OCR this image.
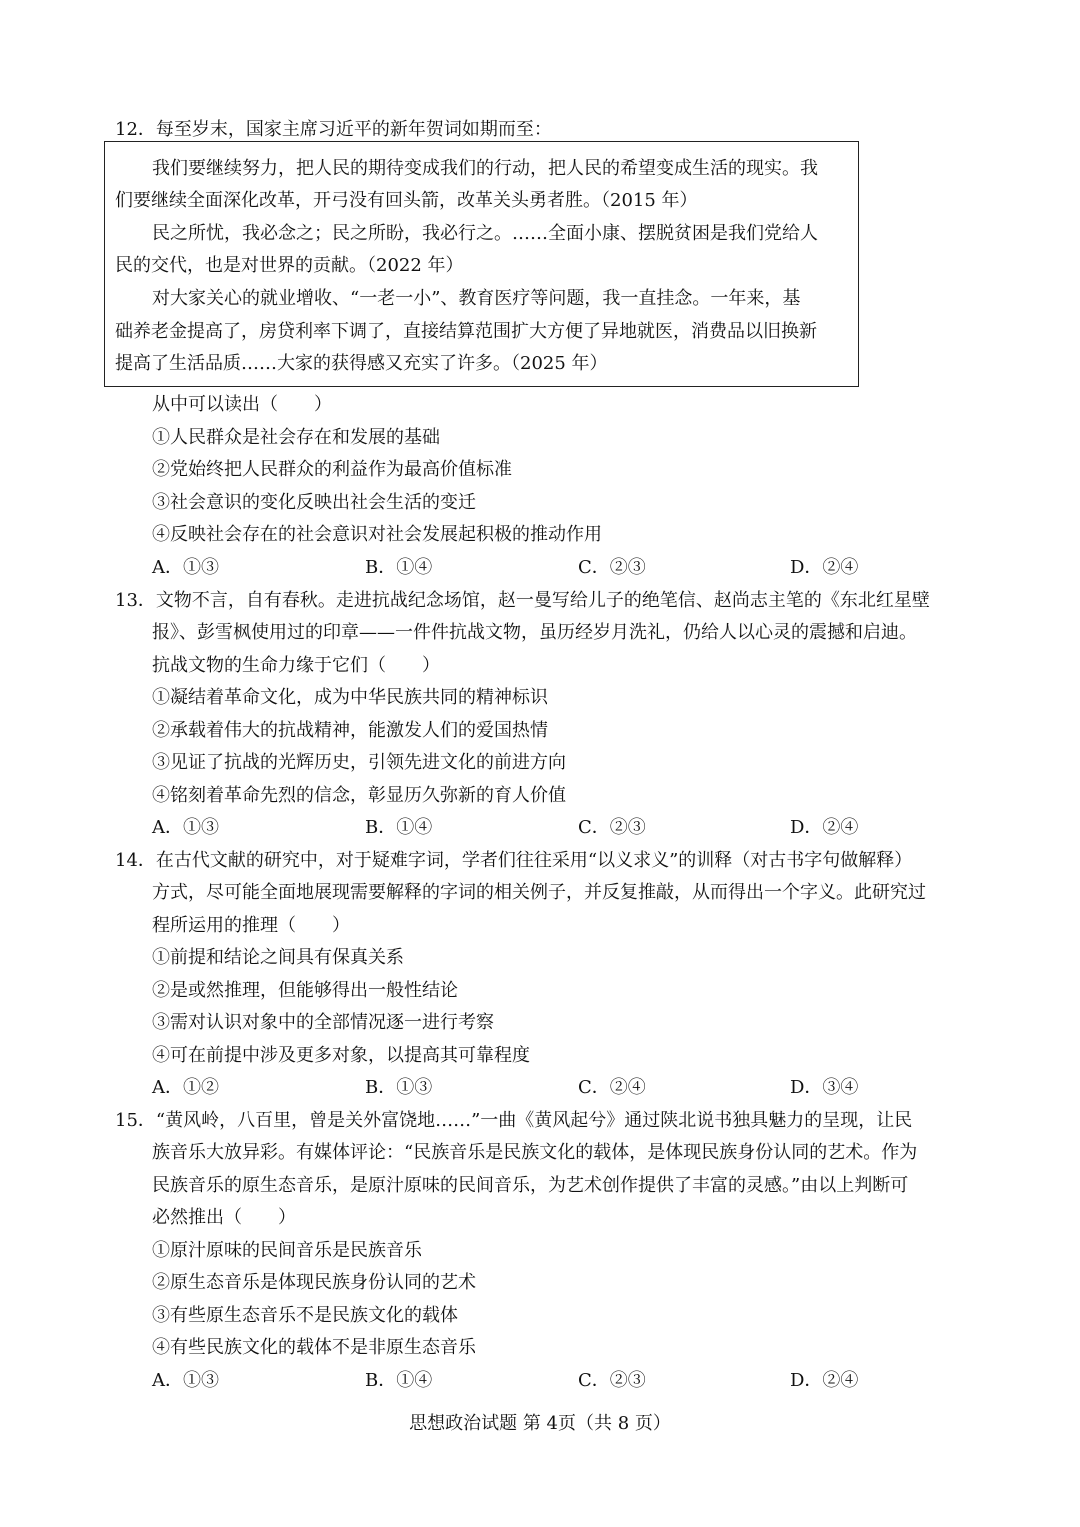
12．每至岁末，国家主席习近平的新年贺词如期而至：
我们要继续努力，把人民的期待变成我们的行动，把人民的希望变成生活的现实。我
们要继续全面深化改革，开弓没有回头箭，改革关头勇者胜。（2015 年）
民之所忧，我必念之；民之所盼，我必行之。……全面小康、摆脱贫困是我们党给人
民的交代，也是对世界的贡献。（2022 年）
对大家关心的就业增收、“一老一小”、教育医疗等问题，我一直挂念。一年来，基
础养老金提高了，房贷利率下调了，直接结算范围扩大方便了异地就医，消费品以旧换新
提高了生活品质……大家的获得感又充实了许多。（2025 年）
从中可以读出（　　）
①人民群众是社会存在和发展的基础
②党始终把人民群众的利益作为最高价值标准
③社会意识的变化反映出社会生活的变迁
④反映社会存在的社会意识对社会发展起积极的推动作用
A．①③	B．①④	C．②③	D．②④
13．文物不言，自有春秋。走进抗战纪念场馆，赵一曼写给儿子的绝笔信、赵尚志主笔的《东北红星壁
报》、彭雪枫使用过的印章——一件件抗战文物，虽历经岁月洗礼，仍给人以心灵的震撼和启迪。
抗战文物的生命力缘于它们（　　）
①凝结着革命文化，成为中华民族共同的精神标识
②承载着伟大的抗战精神，能激发人们的爱国热情
③见证了抗战的光辉历史，引领先进文化的前进方向
④铭刻着革命先烈的信念，彰显历久弥新的育人价值
A．①③	B．①④	C．②③	D．②④
14．在古代文献的研究中，对于疑难字词，学者们往往采用“以义求义”的训释（对古书字句做解释）
方式，尽可能全面地展现需要解释的字词的相关例子，并反复推敲，从而得出一个字义。此研究过
程所运用的推理（　　）
①前提和结论之间具有保真关系
②是或然推理，但能够得出一般性结论
③需对认识对象中的全部情况逐一进行考察
④可在前提中涉及更多对象，以提高其可靠程度
A．①②	B．①③	C．②④	D．③④
15．“黄风岭，八百里，曾是关外富饶地……”一曲《黄风起兮》通过陕北说书独具魅力的呈现，让民
族音乐大放异彩。有媒体评论：“民族音乐是民族文化的载体，是体现民族身份认同的艺术。作为
民族音乐的原生态音乐，是原汁原味的民间音乐，为艺术创作提供了丰富的灵感。”由以上判断可
必然推出（　　）
①原汁原味的民间音乐是民族音乐
②原生态音乐是体现民族身份认同的艺术
③有些原生态音乐不是民族文化的载体
④有些民族文化的载体不是非原生态音乐
A．①③	B．①④	C．②③	D．②④
思想政治试题 第 4页（共 8 页）
